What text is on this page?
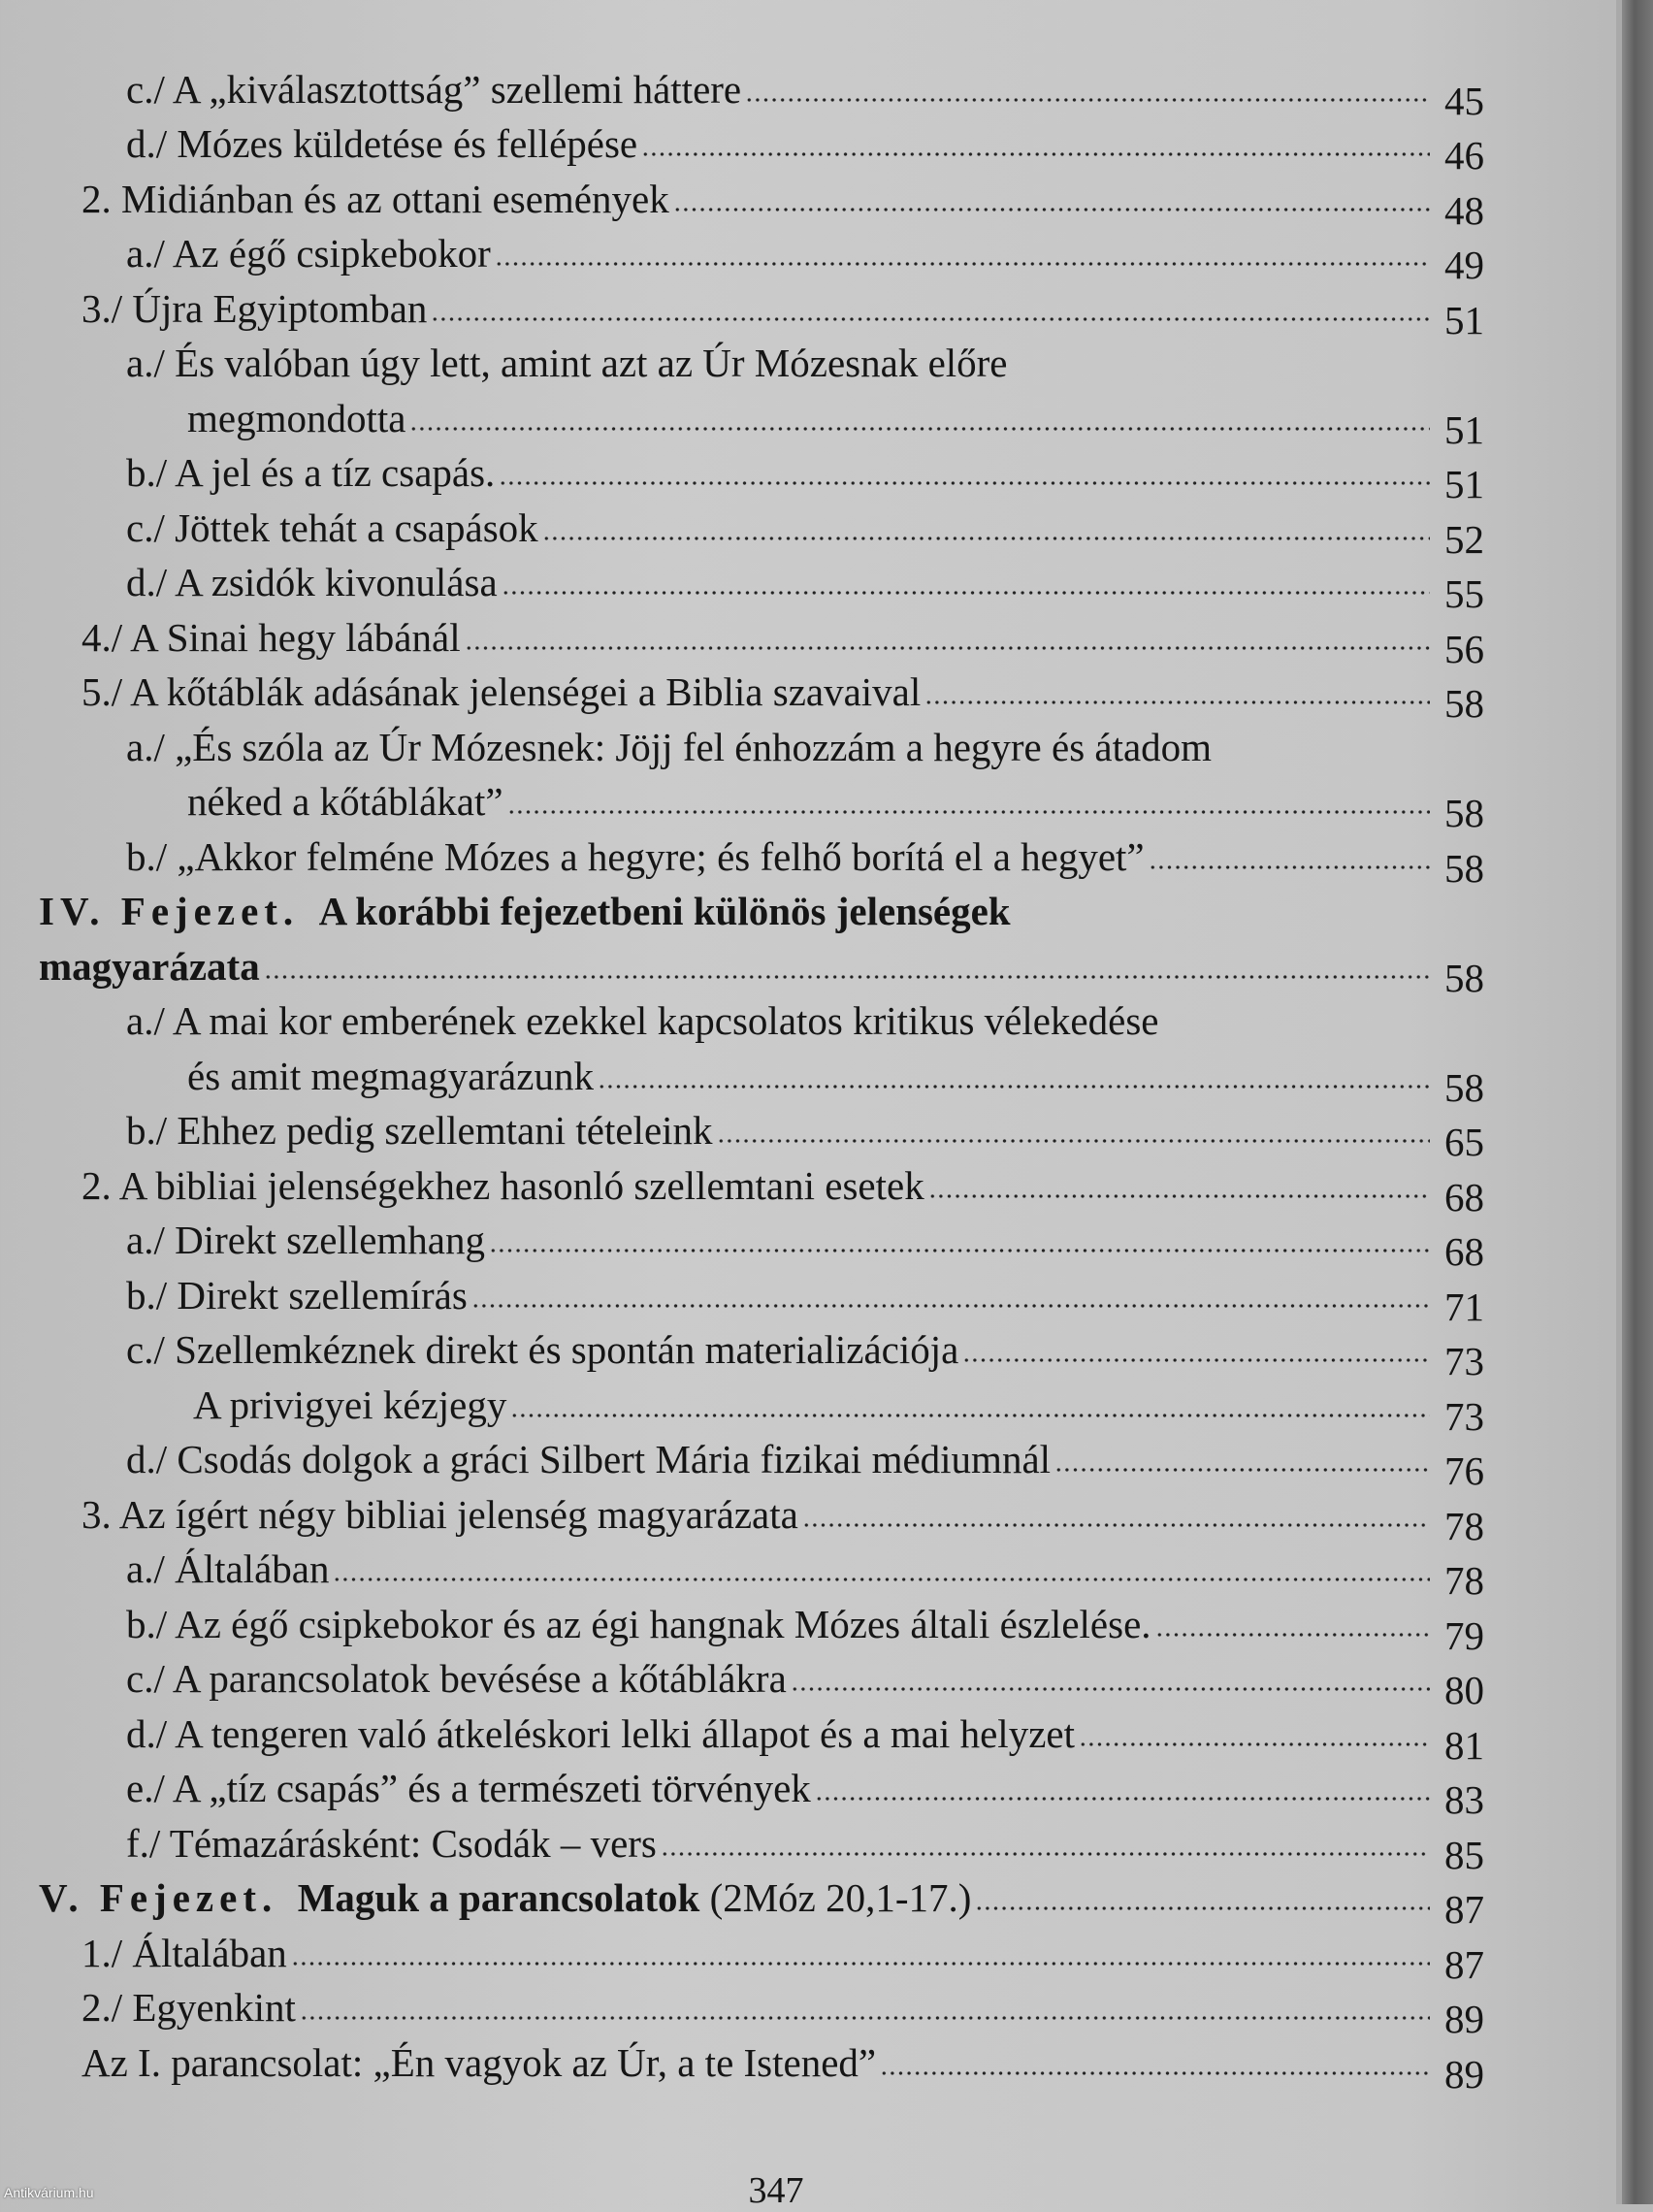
c./ A „kiválasztottság” szellemi háttere	45
d./ Mózes küldetése és fellépése	46
2. Midiánban és az ottani események	48
a./ Az égő csipkebokor	49
3./ Újra Egyiptomban	51
a./ És valóban úgy lett, amint azt az Úr Mózesnak előre
megmondotta	51
b./ A jel és a tíz csapás.	51
c./ Jöttek tehát a csapások	52
d./ A zsidók kivonulása	55
4./ A Sinai hegy lábánál	56
5./ A kőtáblák adásának jelenségei a Biblia szavaival	58
a./ „És szóla az Úr Mózesnek: Jöjj fel énhozzám a hegyre és átadom
néked a kőtáblákat”	58
b./ „Akkor felméne Mózes a hegyre; és felhő borítá el a hegyet”	58
IV. Fejezet.  A korábbi fejezetbeni különös jelenségek
magyarázata	58
a./ A mai kor emberének ezekkel kapcsolatos kritikus vélekedése
és amit megmagyarázunk	58
b./ Ehhez pedig szellemtani tételeink	65
2. A bibliai jelenségekhez hasonló szellemtani esetek	68
a./ Direkt szellemhang	68
b./ Direkt szellemírás	71
c./ Szellemkéznek direkt és spontán materializációja	73
A privigyei kézjegy	73
d./ Csodás dolgok a gráci Silbert Mária fizikai médiumnál	76
3. Az ígért négy bibliai jelenség magyarázata	78
a./ Általában	78
b./ Az égő csipkebokor és az égi hangnak Mózes általi észlelése.	79
c./ A parancsolatok bevésése a kőtáblákra	80
d./ A tengeren való átkeléskori lelki állapot és a mai helyzet	81
e./ A „tíz csapás” és a természeti törvények	83
f./ Témazárásként: Csodák – vers	85
V. Fejezet.  Maguk a parancsolatok (2Móz 20,1-17.)	87
1./ Általában	87
2./ Egyenkint	89
Az I. parancsolat: „Én vagyok az Úr, a te Istened”	89
347
Antikvárium.hu
